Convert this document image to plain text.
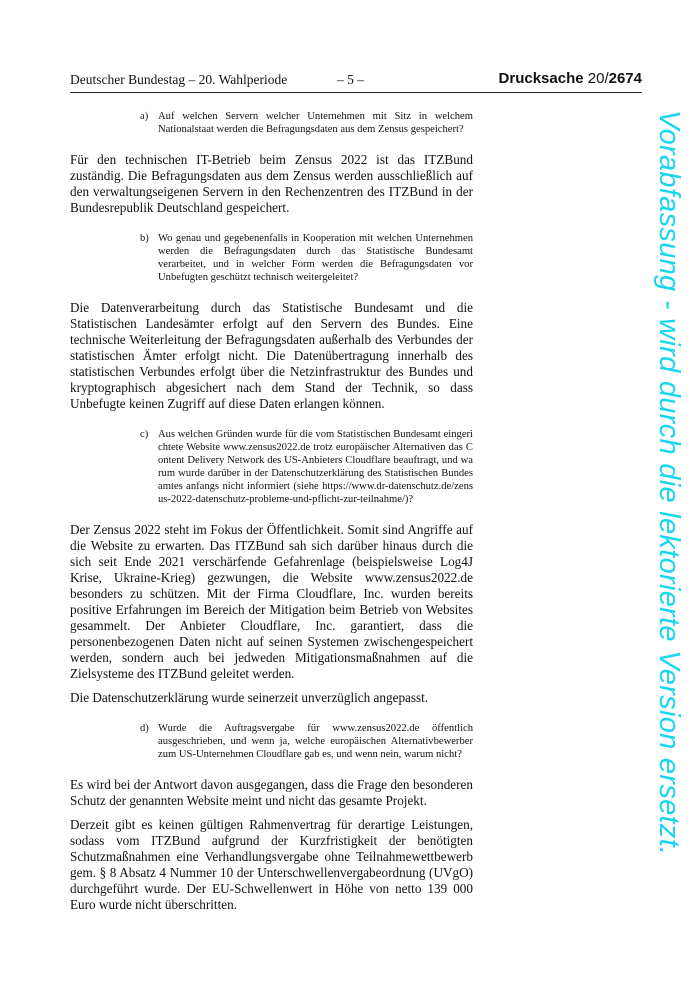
Deutscher Bundestag – 20. Wahlperiode	– 5 –	Drucksache 20/2674
a) Auf welchen Servern welcher Unternehmen mit Sitz in welchem Nationalstaat werden die Befragungsdaten aus dem Zensus gespeichert?

Für den technischen IT-Betrieb beim Zensus 2022 ist das ITZBund zuständig. Die Befragungsdaten aus dem Zensus werden ausschließlich auf den verwaltungseigenen Servern in den Rechenzentren des ITZBund in der Bundesrepublik Deutschland gespeichert.

b) Wo genau und gegebenenfalls in Kooperation mit welchen Unternehmen werden die Befragungsdaten durch das Statistische Bundesamt verarbeitet, und in welcher Form werden die Befragungsdaten vor Unbefugten geschützt technisch weitergeleitet?

Die Datenverarbeitung durch das Statistische Bundesamt und die Statistischen Landesämter erfolgt auf den Servern des Bundes. Eine technische Weiterleitung der Befragungsdaten außerhalb des Verbundes der statistischen Ämter erfolgt nicht. Die Datenübertragung innerhalb des statistischen Verbundes erfolgt über die Netzinfrastruktur des Bundes und kryptographisch abgesichert nach dem Stand der Technik, so dass Unbefugte keinen Zugriff auf diese Daten erlangen können.

c) Aus welchen Gründen wurde für die vom Statistischen Bundesamt eingerichtete Website www.zensus2022.de trotz europäischer Alternativen das Content Delivery Network des US-Anbieters Cloudflare beauftragt, und warum wurde darüber in der Datenschutzerklärung des Statistischen Bundesamtes anfangs nicht informiert (siehe https://www.dr-datenschutz.de/zensus-2022-datenschutz-probleme-und-pflicht-zur-teilnahme/)?

Der Zensus 2022 steht im Fokus der Öffentlichkeit. Somit sind Angriffe auf die Website zu erwarten. Das ITZBund sah sich darüber hinaus durch die sich seit Ende 2021 verschärfende Gefahrenlage (beispielsweise Log4J Krise, Ukraine-Krieg) gezwungen, die Website www.zensus2022.de besonders zu schützen. Mit der Firma Cloudflare, Inc. wurden bereits positive Erfahrungen im Bereich der Mitigation beim Betrieb von Websites gesammelt. Der Anbieter Cloudflare, Inc. garantiert, dass die personenbezogenen Daten nicht auf seinen Systemen zwischengespeichert werden, sondern auch bei jedweden Mitigationsmaßnahmen auf die Zielsysteme des ITZBund geleitet werden.

Die Datenschutzerklärung wurde seinerzeit unverzüglich angepasst.

d) Wurde die Auftragsvergabe für www.zensus2022.de öffentlich ausgeschrieben, und wenn ja, welche europäischen Alternativbewerber zum US-Unternehmen Cloudflare gab es, und wenn nein, warum nicht?

Es wird bei der Antwort davon ausgegangen, dass die Frage den besonderen Schutz der genannten Website meint und nicht das gesamte Projekt.

Derzeit gibt es keinen gültigen Rahmenvertrag für derartige Leistungen, sodass vom ITZBund aufgrund der Kurzfristigkeit der benötigten Schutzmaßnahmen eine Verhandlungsvergabe ohne Teilnahmewettbewerb gem. § 8 Absatz 4 Nummer 10 der Unterschwellenvergabeordnung (UVgO) durchgeführt wurde. Der EU-Schwellenwert in Höhe von netto 139 000 Euro wurde nicht überschritten.

Vorabfassung - wird durch die lektorierte Version ersetzt.
